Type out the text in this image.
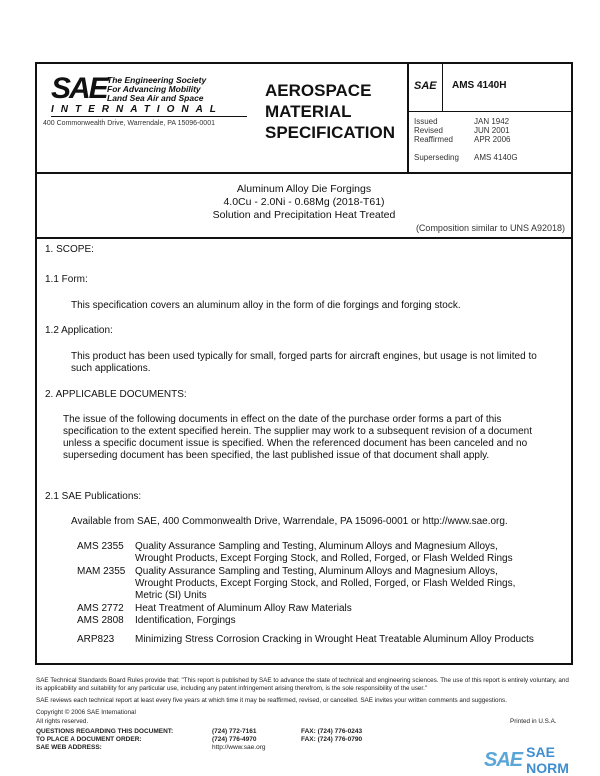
SAE The Engineering Society
For Advancing Mobility
Land Sea Air and Space
INTERNATIONAL
400 Commonwealth Drive, Warrendale, PA 15096-0001
AEROSPACE
MATERIAL
SPECIFICATION
SAE	AMS 4140H
Issued	JAN 1942
Revised	JUN 2001
Reaffirmed	APR 2006
Superseding	AMS 4140G
Aluminum Alloy Die Forgings
4.0Cu - 2.0Ni - 0.68Mg (2018-T61)
Solution and Precipitation Heat Treated
(Composition similar to UNS A92018)
1. SCOPE:
1.1 Form:
This specification covers an aluminum alloy in the form of die forgings and forging stock.
1.2 Application:
This product has been used typically for small, forged parts for aircraft engines, but usage is not limited to such applications.
2. APPLICABLE DOCUMENTS:
The issue of the following documents in effect on the date of the purchase order forms a part of this specification to the extent specified herein. The supplier may work to a subsequent revision of a document unless a specific document issue is specified. When the referenced document has been canceled and no superseding document has been specified, the last published issue of that document shall apply.
2.1 SAE Publications:
Available from SAE, 400 Commonwealth Drive, Warrendale, PA 15096-0001 or http://www.sae.org.
AMS 2355	Quality Assurance Sampling and Testing, Aluminum Alloys and Magnesium Alloys, Wrought Products, Except Forging Stock, and Rolled, Forged, or Flash Welded Rings
MAM 2355 Quality Assurance Sampling and Testing, Aluminum Alloys and Magnesium Alloys, Wrought Products, Except Forging Stock, and Rolled, Forged, or Flash Welded Rings, Metric (SI) Units
AMS 2772	Heat Treatment of Aluminum Alloy Raw Materials
AMS 2808	Identification, Forgings
ARP823	Minimizing Stress Corrosion Cracking in Wrought Heat Treatable Aluminum Alloy Products
SAE Technical Standards Board Rules provide that: "This report is published by SAE to advance the state of technical and engineering sciences. The use of this report is entirely voluntary, and its applicability and suitability for any particular use, including any patent infringement arising therefrom, is the sole responsibility of the user."
SAE reviews each technical report at least every five years at which time it may be reaffirmed, revised, or cancelled. SAE invites your written comments and suggestions.
Copyright © 2006 SAE International
All rights reserved.	Printed in U.S.A.
QUESTIONS REGARDING THIS DOCUMENT:	(724) 772-7161	FAX: (724) 776-0243
TO PLACE A DOCUMENT ORDER:	(724) 776-4970	FAX: (724) 776-0790
SAE WEB ADDRESS:	http://www.sae.org
SAE SAE NORM
